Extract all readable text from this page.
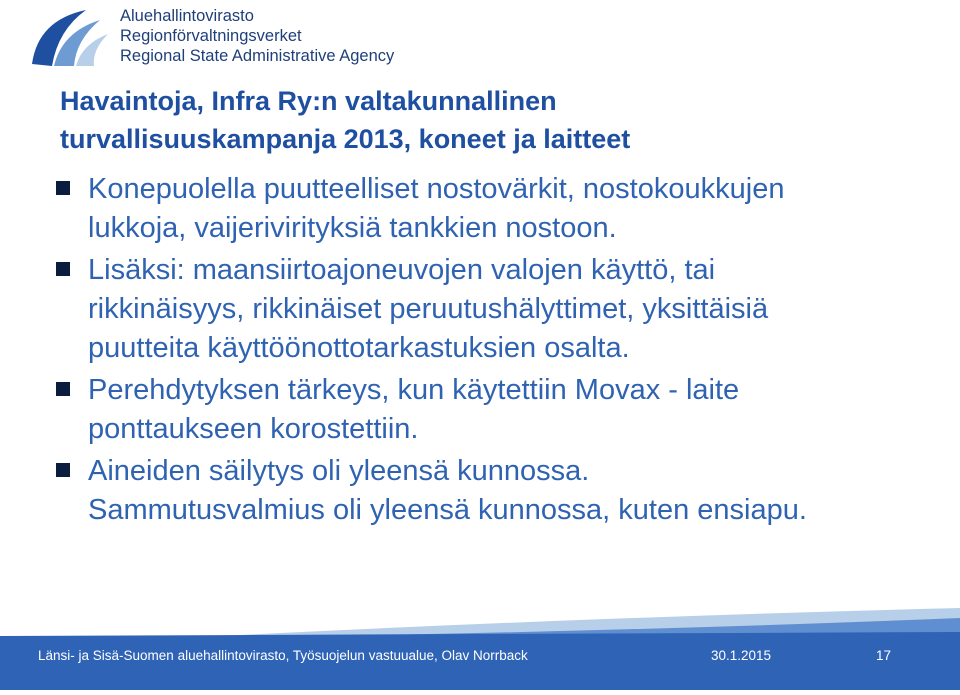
Aluehallintovirasto
Regionförvaltningsverket
Regional State Administrative Agency
Havaintoja, Infra Ry:n valtakunnallinen
turvallisuuskampanja 2013, koneet ja laitteet
Konepuolella puutteelliset nostovärkit, nostokoukkujen
lukkoja, vaijerivirityksiä tankkien nostoon.
Lisäksi: maansiirtoajoneuvojen valojen käyttö, tai
rikkinäisyys, rikkinäiset peruutushälyttimet, yksittäisiä
puutteita käyttöönottotarkastuksien osalta.
Perehdytyksen tärkeys, kun käytettiin Movax - laite
ponttaukseen korostettiin.
Aineiden säilytys oli yleensä kunnossa.
Sammutusvalmius oli yleensä kunnossa, kuten ensiapu.
Länsi- ja Sisä-Suomen aluehallintovirasto, Työsuojelun vastuualue, Olav Norrback	30.1.2015	17
